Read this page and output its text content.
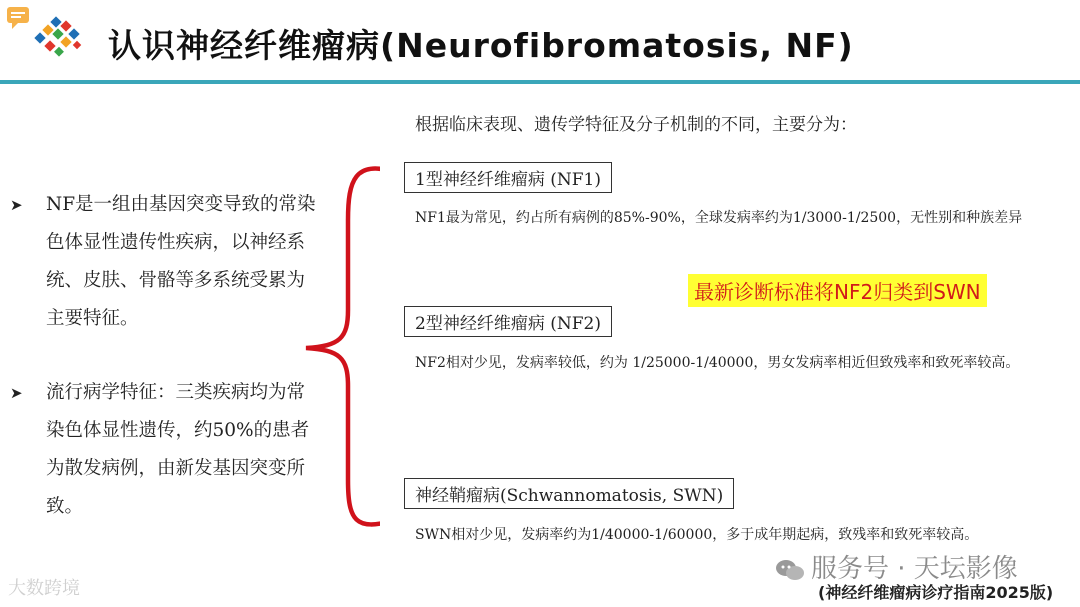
认识神经纤维瘤病(Neurofibromatosis, NF)
根据临床表现、遗传学特征及分子机制的不同，主要分为：
➤ NF是一组由基因突变导致的常染色体显性遗传性疾病，以神经系统、皮肤、骨骼等多系统受累为主要特征。
➤ 流行病学特征：三类疾病均为常染色体显性遗传，约50%的患者为散发病例，由新发基因突变所致。
1型神经纤维瘤病 (NF1)
NF1最为常见，约占所有病例的85%-90%，全球发病率约为1/3000-1/2500，无性别和种族差异
最新诊断标准将NF2归类到SWN
2型神经纤维瘤病 (NF2)
NF2相对少见，发病率较低，约为 1/25000-1/40000，男女发病率相近但致残率和致死率较高。
神经鞘瘤病(Schwannomatosis, SWN)
SWN相对少见，发病率约为1/40000-1/60000，多于成年期起病，致残率和致死率较高。
大数跨境
服务号 · 天坛影像
(神经纤维瘤病诊疗指南2025版)
